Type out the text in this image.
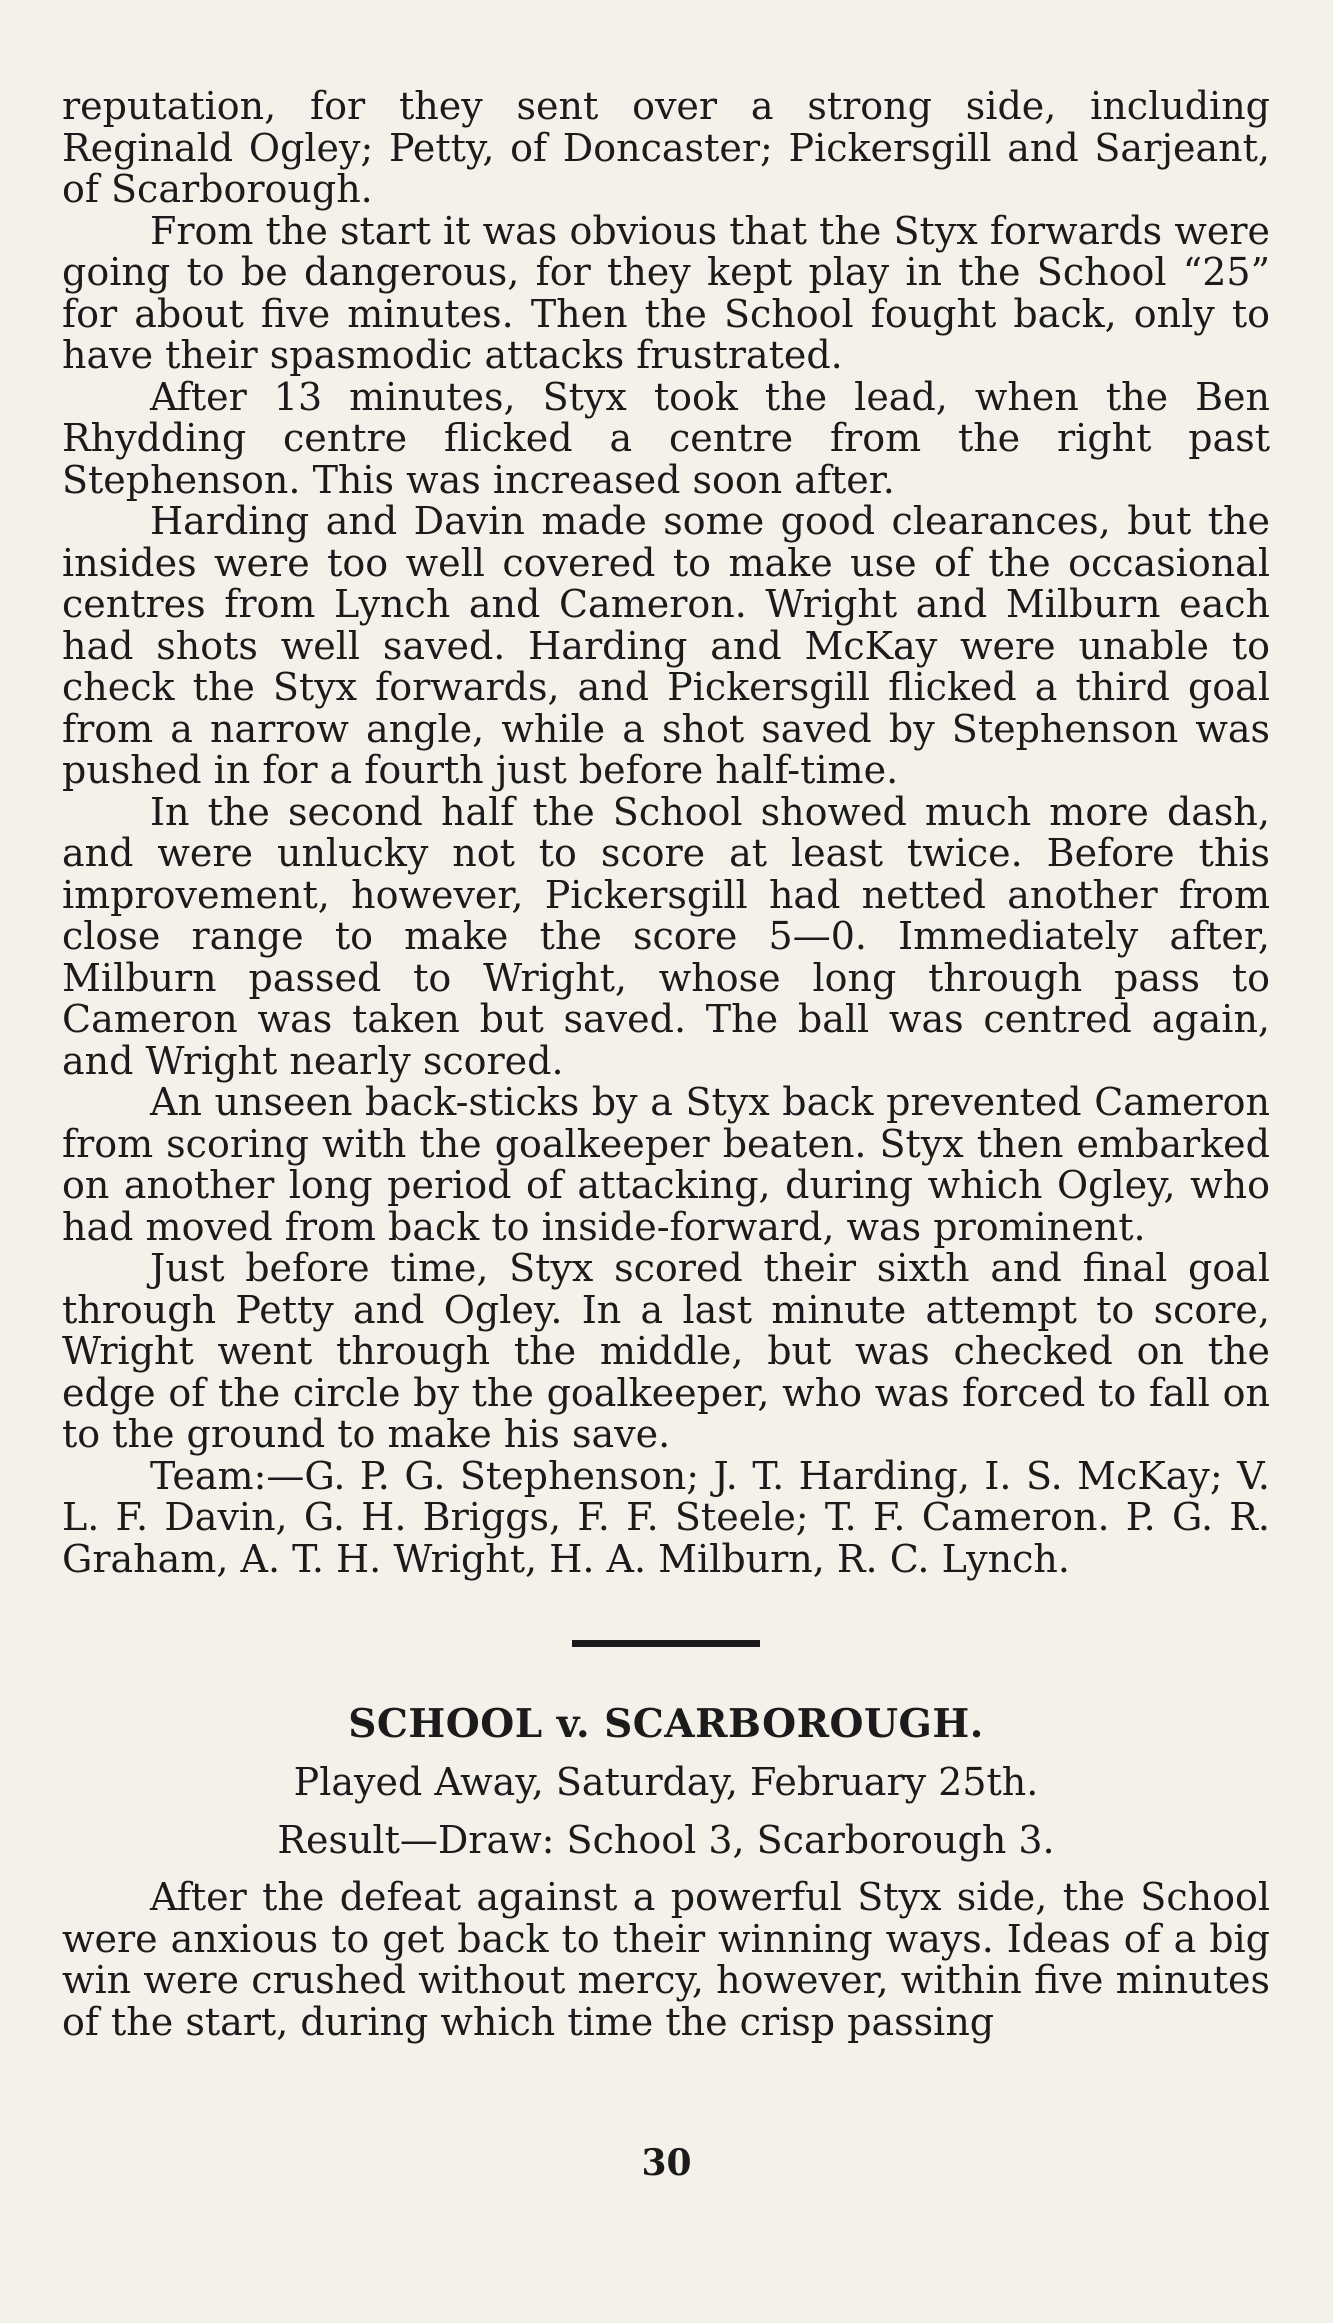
reputation, for they sent over a strong side, including Reginald Ogley; Petty, of Doncaster; Pickersgill and Sarjeant, of Scarborough.

From the start it was obvious that the Styx forwards were going to be dangerous, for they kept play in the School “25” for about five minutes. Then the School fought back, only to have their spasmodic attacks frustrated.

After 13 minutes, Styx took the lead, when the Ben Rhydding centre flicked a centre from the right past Stephenson. This was increased soon after.

Harding and Davin made some good clearances, but the insides were too well covered to make use of the occasional centres from Lynch and Cameron. Wright and Milburn each had shots well saved. Harding and McKay were unable to check the Styx forwards, and Pickersgill flicked a third goal from a narrow angle, while a shot saved by Stephenson was pushed in for a fourth just before half-time.

In the second half the School showed much more dash, and were unlucky not to score at least twice. Before this improvement, however, Pickersgill had netted another from close range to make the score 5—0. Immediately after, Milburn passed to Wright, whose long through pass to Cameron was taken but saved. The ball was centred again, and Wright nearly scored.

An unseen back-sticks by a Styx back prevented Cameron from scoring with the goalkeeper beaten. Styx then embarked on another long period of attacking, during which Ogley, who had moved from back to inside-forward, was prominent.

Just before time, Styx scored their sixth and final goal through Petty and Ogley. In a last minute attempt to score, Wright went through the middle, but was checked on the edge of the circle by the goalkeeper, who was forced to fall on to the ground to make his save.

Team:—G. P. G. Stephenson; J. T. Harding, I. S. McKay; V. L. F. Davin, G. H. Briggs, F. F. Steele; T. F. Cameron. P. G. R. Graham, A. T. H. Wright, H. A. Milburn, R. C. Lynch.

SCHOOL v. SCARBOROUGH.

Played Away, Saturday, February 25th.

Result—Draw: School 3, Scarborough 3.

After the defeat against a powerful Styx side, the School were anxious to get back to their winning ways. Ideas of a big win were crushed without mercy, however, within five minutes of the start, during which time the crisp passing

30
